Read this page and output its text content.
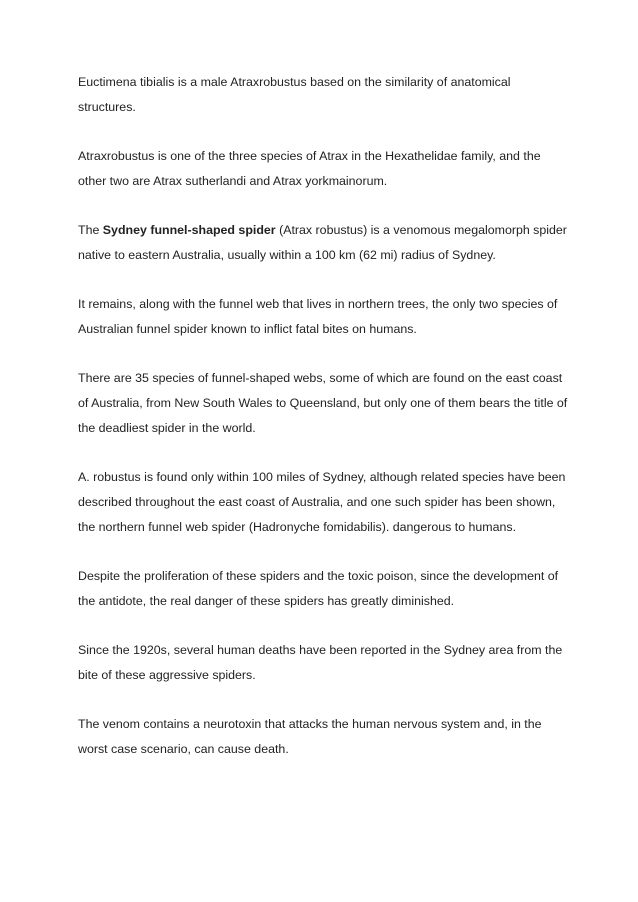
Euctimena tibialis is a male Atraxrobustus based on the similarity of anatomical structures.

Atraxrobustus is one of the three species of Atrax in the Hexathelidae family, and the other two are Atrax sutherlandi and Atrax yorkmainorum.

The Sydney funnel-shaped spider (Atrax robustus) is a venomous megalomorph spider native to eastern Australia, usually within a 100 km (62 mi) radius of Sydney.

It remains, along with the funnel web that lives in northern trees, the only two species of Australian funnel spider known to inflict fatal bites on humans.

There are 35 species of funnel-shaped webs, some of which are found on the east coast of Australia, from New South Wales to Queensland, but only one of them bears the title of the deadliest spider in the world.

A. robustus is found only within 100 miles of Sydney, although related species have been described throughout the east coast of Australia, and one such spider has been shown, the northern funnel web spider (Hadronyche fomidabilis). dangerous to humans.

Despite the proliferation of these spiders and the toxic poison, since the development of the antidote, the real danger of these spiders has greatly diminished.

Since the 1920s, several human deaths have been reported in the Sydney area from the bite of these aggressive spiders.

The venom contains a neurotoxin that attacks the human nervous system and, in the worst case scenario, can cause death.
